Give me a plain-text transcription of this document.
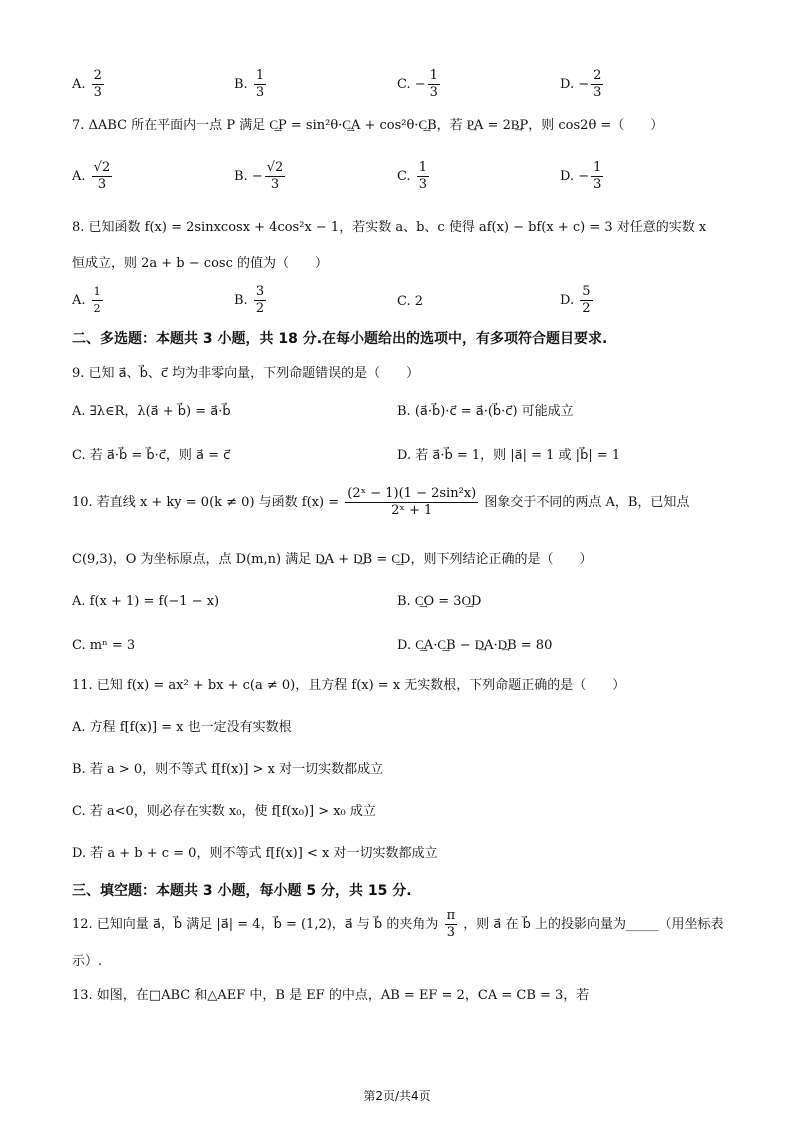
A. $\frac{2}{3}$	B. $\frac{1}{3}$	C. − $\frac{1}{3}$	D. − $\frac{2}{3}$
7. ΔABC 所在平面内一点 P 满足 C͢P = sin²θ·C͢A + cos²θ·C͢B，若 P͢A = 2B͢P，则 cos2θ =（　　）
A. $\frac{√2}{3}$	B. − $\frac{√2}{3}$	C. $\frac{1}{3}$	D. − $\frac{1}{3}$
8. 已知函数 f(x) = 2sinxcosx + 4cos²x − 1，若实数 a、b、c 使得 af(x) − bf(x + c) = 3 对任意的实数 x
恒成立，则 2a + b − cosc 的值为（　　）
A. $\frac{1}{2}$	B. $\frac{3}{2}$	C. 2	D. $\frac{5}{2}$
二、多选题：本题共 3 小题，共 18 分.在每小题给出的选项中，有多项符合题目要求.
9. 已知 a⃗、b⃗、c⃗ 均为非零向量，下列命题错误的是（　　）
A. ∃λ∈R，λ(a⃗ + b⃗) = a⃗·b⃗	B. (a⃗·b⃗)·c⃗ = a⃗·(b⃗·c⃗) 可能成立
C. 若 a⃗·b⃗ = b⃗·c⃗，则 a⃗ = c⃗	D. 若 a⃗·b⃗ = 1，则 |a⃗| = 1 或 |b⃗| = 1
10. 若直线 x + ky = 0(k ≠ 0) 与函数 $f(x) = \frac{\text{(2ˣ − 1)(1 − 2sin²x)}}{\text{2ˣ + 1}}$ 图象交于不同的两点 A，B，已知点
C(9,3)，O 为坐标原点，点 D(m,n) 满足 D͢A + D͢B = C͢D，则下列结论正确的是（　　）
A. f(x + 1) = f(−1 − x)	B. C͢O = 3O͢D
C. mⁿ = 3	D. C͢A·C͢B − D͢A·D͢B = 80
11. 已知 f(x) = ax² + bx + c(a ≠ 0)，且方程 f(x) = x 无实数根，下列命题正确的是（　　）
A. 方程 f[f(x)] = x 也一定没有实数根
B. 若 a > 0，则不等式 f[f(x)] > x 对一切实数都成立
C. 若 a<0，则必存在实数 x₀，使 f[f(x₀)] > x₀ 成立
D. 若 a + b + c = 0，则不等式 f[f(x)] < x 对一切实数都成立
三、填空题：本题共 3 小题，每小题 5 分，共 15 分.
12. 已知向量 a⃗，b⃗ 满足 |a⃗| = 4，b⃗ = (1,2)，a⃗ 与 b⃗ 的夹角为 $\frac{\pi}{3}$ ，则 a⃗ 在 b⃗ 上的投影向量为_____（用坐标表
示）.
13. 如图，在□ABC 和△AEF 中，B 是 EF 的中点，AB = EF = 2，CA = CB = 3，若
第2页/共4页
